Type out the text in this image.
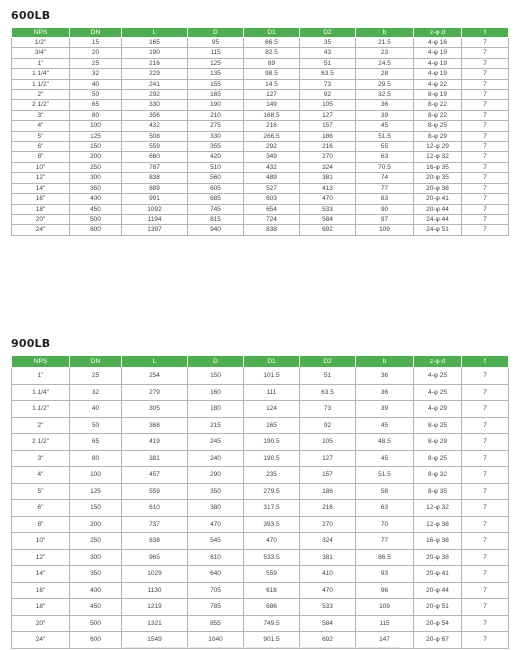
600LB
NPS	DN	L	D	D1	D2	b	z-φ d	f
1/2"	15	165	95	66.5	35	21.5	4-φ 16	7
3/4"	20	190	115	82.5	43	23	4-φ 19	7
1"	25	216	125	89	51	24.5	4-φ 19	7
1 1/4"	32	229	135	98.5	63.5	28	4-φ 19	7
1 1/2"	40	241	155	14.5	73	29.5	4-φ 22	7
2"	50	292	165	127	92	32.5	8-φ 19	7
2 1/2"	65	330	190	149	105	36	8-φ 22	7
3"	80	356	210	168.5	127	39	8-φ 22	7
4"	100	432	275	216	157	45	8-φ 25	7
5"	125	508	330	266.5	186	51.5	8-φ 29	7
6"	150	559	355	292	216	55	12-φ 29	7
8"	200	660	420	349	270	63	12-φ 32	7
10"	250	787	510	432	324	70.5	16-φ 35	7
12"	300	838	560	489	381	74	20-φ 35	7
14"	350	889	605	527	413	77	20-φ 38	7
16"	400	991	685	603	470	83	20-φ 41	7
18"	450	1092	745	654	533	90	20-φ 44	7
20"	500	1194	815	724	584	97	24-φ 44	7
24"	600	1397	940	838	692	109	24-φ 51	7
900LB
NPS	DN	L	D	D1	D2	b	z-φ d	f
1"	25	254	150	101.5	51	36	4-φ 25	7
1 1/4"	32	279	160	111	63.5	36	4-φ 25	7
1 1/2"	40	305	180	124	73	39	4-φ 29	7
2"	50	368	215	165	92	45	8-φ 25	7
2 1/2"	65	419	245	190.5	105	48.5	8-φ 29	7
3"	80	381	240	190.5	127	45	8-φ 25	7
4"	100	457	290	235	157	51.5	8-φ 32	7
5"	125	559	350	279.5	186	58	8-φ 35	7
6"	150	610	380	317.5	216	63	12-φ 32	7
8"	200	737	470	393.5	270	70	12-φ 38	7
10"	250	838	545	470	324	77	16-φ 38	7
12"	300	965	610	533.5	381	86.5	20-φ 38	7
14"	350	1029	640	559	410	93	20-φ 41	7
16"	400	1130	705	616	470	96	20-φ 44	7
18"	450	1219	785	686	533	109	20-φ 51	7
20"	500	1321	855	749.5	584	115	20-φ 54	7
24"	600	1549	1040	901.5	692	147	20-φ 67	7
